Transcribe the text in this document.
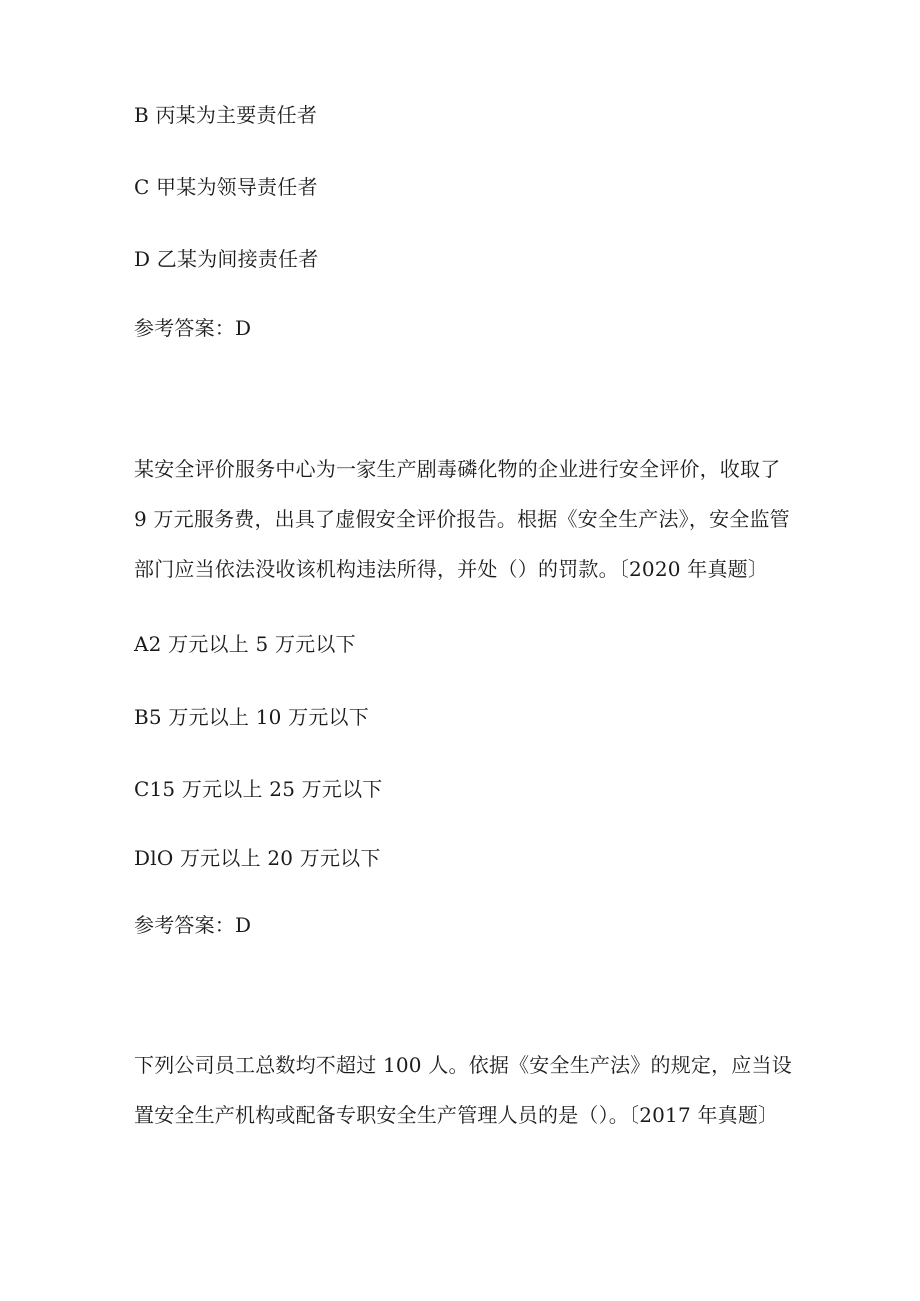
B 丙某为主要责任者
C 甲某为领导责任者
D 乙某为间接责任者
参考答案：D
某安全评价服务中心为一家生产剧毒磷化物的企业进行安全评价，收取了
9 万元服务费，出具了虚假安全评价报告。根据《安全生产法》，安全监管
部门应当依法没收该机构违法所得，并处（）的罚款。〔2020 年真题〕
A2 万元以上 5 万元以下
B5 万元以上 10 万元以下
C15 万元以上 25 万元以下
DlO 万元以上 20 万元以下
参考答案：D
下列公司员工总数均不超过 100 人。依据《安全生产法》的规定，应当设
置安全生产机构或配备专职安全生产管理人员的是（）。〔2017 年真题〕
